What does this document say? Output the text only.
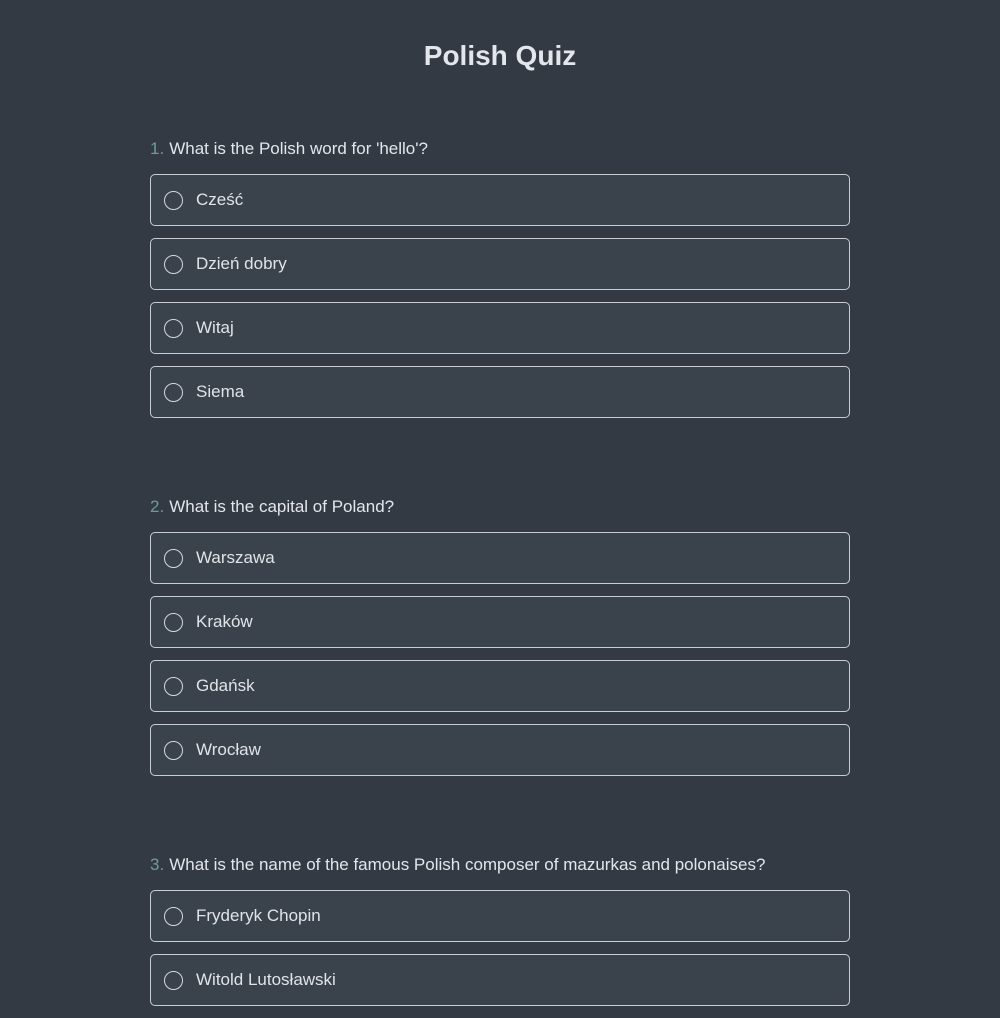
Polish Quiz
1. What is the Polish word for 'hello'?
Cześć
Dzień dobry
Witaj
Siema
2. What is the capital of Poland?
Warszawa
Kraków
Gdańsk
Wrocław
3. What is the name of the famous Polish composer of mazurkas and polonaises?
Fryderyk Chopin
Witold Lutosławski
